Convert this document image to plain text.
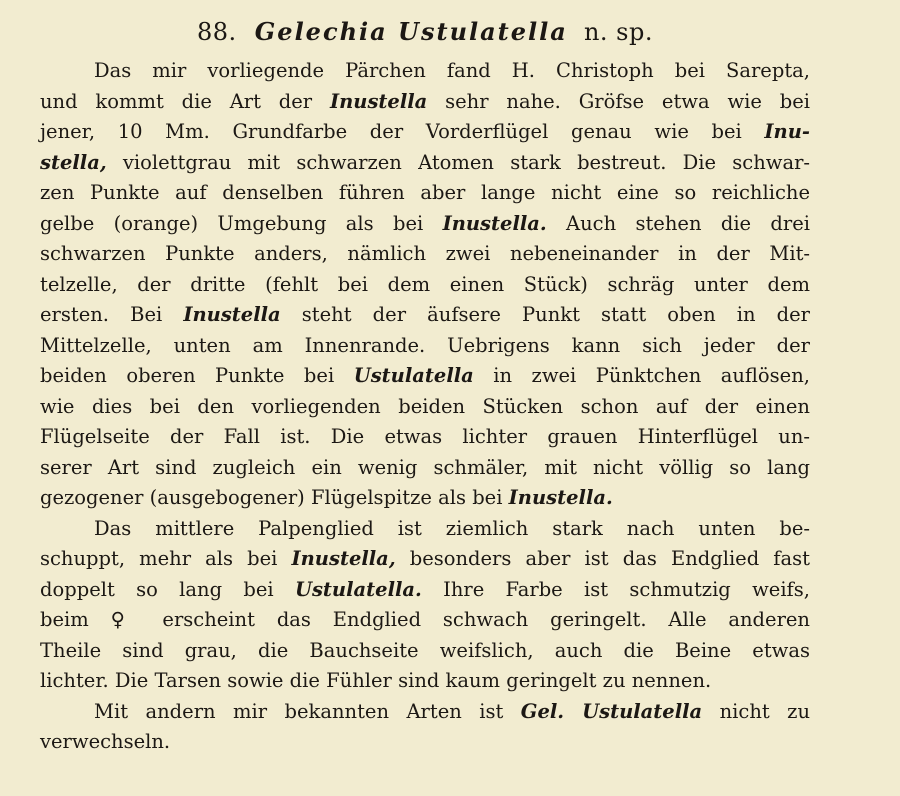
88. Gelechia Ustulatella n. sp.
Das mir vorliegende Pärchen fand H. Christoph bei Sarepta,
und kommt die Art der Inustella sehr nahe. Gröfse etwa wie bei
jener, 10 Mm. Grundfarbe der Vorderflügel genau wie bei Inu-
stella, violettgrau mit schwarzen Atomen stark bestreut. Die schwar-
zen Punkte auf denselben führen aber lange nicht eine so reichliche
gelbe (orange) Umgebung als bei Inustella. Auch stehen die drei
schwarzen Punkte anders, nämlich zwei nebeneinander in der Mit-
telzelle, der dritte (fehlt bei dem einen Stück) schräg unter dem
ersten. Bei Inustella steht der äufsere Punkt statt oben in der
Mittelzelle, unten am Innenrande. Uebrigens kann sich jeder der
beiden oberen Punkte bei Ustulatella in zwei Pünktchen auflösen,
wie dies bei den vorliegenden beiden Stücken schon auf der einen
Flügelseite der Fall ist. Die etwas lichter grauen Hinterflügel un-
serer Art sind zugleich ein wenig schmäler, mit nicht völlig so lang
gezogener (ausgebogener) Flügelspitze als bei Inustella.
Das mittlere Palpenglied ist ziemlich stark nach unten be-
schuppt, mehr als bei Inustella, besonders aber ist das Endglied fast
doppelt so lang bei Ustulatella. Ihre Farbe ist schmutzig weifs,
beim ♀ erscheint das Endglied schwach geringelt. Alle anderen
Theile sind grau, die Bauchseite weifslich, auch die Beine etwas
lichter. Die Tarsen sowie die Fühler sind kaum geringelt zu nennen.
Mit andern mir bekannten Arten ist Gel. Ustulatella nicht zu
verwechseln.
